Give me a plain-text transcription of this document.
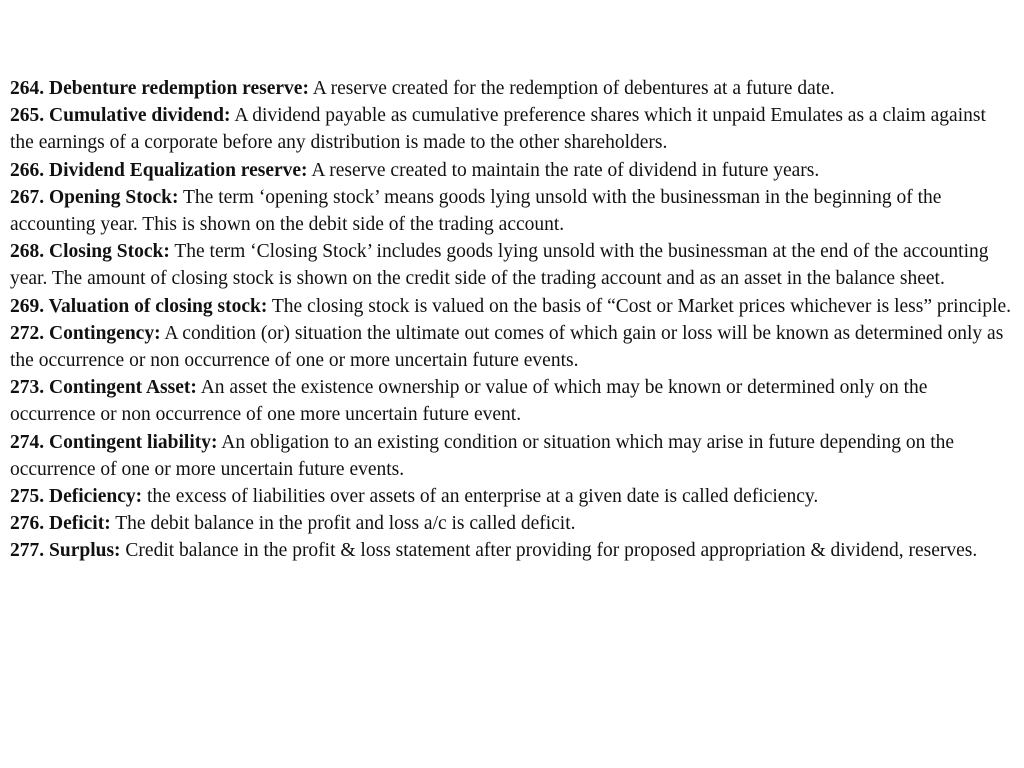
264. Debenture redemption reserve: A reserve created for the redemption of debentures at a future date.

265. Cumulative dividend: A dividend payable as cumulative preference shares which it unpaid Emulates as a claim against the earnings of a corporate before any distribution is made to the other shareholders.

266. Dividend Equalization reserve: A reserve created to maintain the rate of dividend in future years.

267. Opening Stock: The term ‘opening stock’ means goods lying unsold with the businessman in the beginning of the accounting year. This is shown on the debit side of the trading account.

268. Closing Stock: The term ‘Closing Stock’ includes goods lying unsold with the businessman at the end of the accounting year. The amount of closing stock is shown on the credit side of the trading account and as an asset in the balance sheet.

269. Valuation of closing stock: The closing stock is valued on the basis of “Cost or Market prices whichever is less” principle.

272. Contingency: A condition (or) situation the ultimate out comes of which gain or loss will be known as determined only as the occurrence or non occurrence of one or more uncertain future events.

273. Contingent Asset: An asset the existence ownership or value of which may be known or determined only on the occurrence or non occurrence of one more uncertain future event.

274. Contingent liability: An obligation to an existing condition or situation which may arise in future depending on the occurrence of one or more uncertain future events.

275. Deficiency: the excess of liabilities over assets of an enterprise at a given date is called deficiency.

276. Deficit: The debit balance in the profit and loss a/c is called deficit.

277. Surplus: Credit balance in the profit & loss statement after providing for proposed appropriation & dividend, reserves.
